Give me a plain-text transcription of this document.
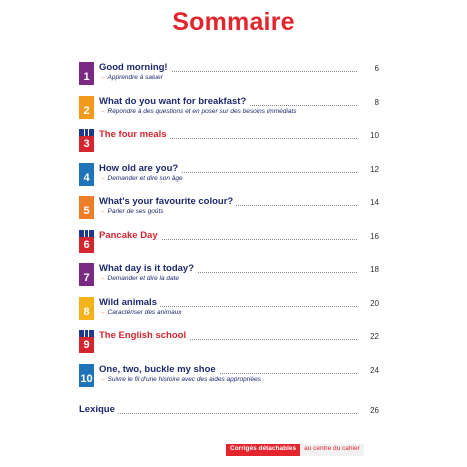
Sommaire
1
Good morning!	6
→ Apprendre à saluer
2
What do you want for breakfast?	8
→ Répondre à des questions et en poser sur des besoins immédiats
3
The four meals	10
4
How old are you?	12
→ Demander et dire son âge
5
What's your favourite colour?	14
→ Parler de ses goûts
6
Pancake Day	16
7
What day is it today?	18
→ Demander et dire la date
8
Wild animals	20
→ Caractériser des animaux
9
The English school	22
10
One, two, buckle my shoe	24
→ Suivre le fil d'une histoire avec des aides appropriées
Lexique	26
Corrigés détachables	au centre du cahier
